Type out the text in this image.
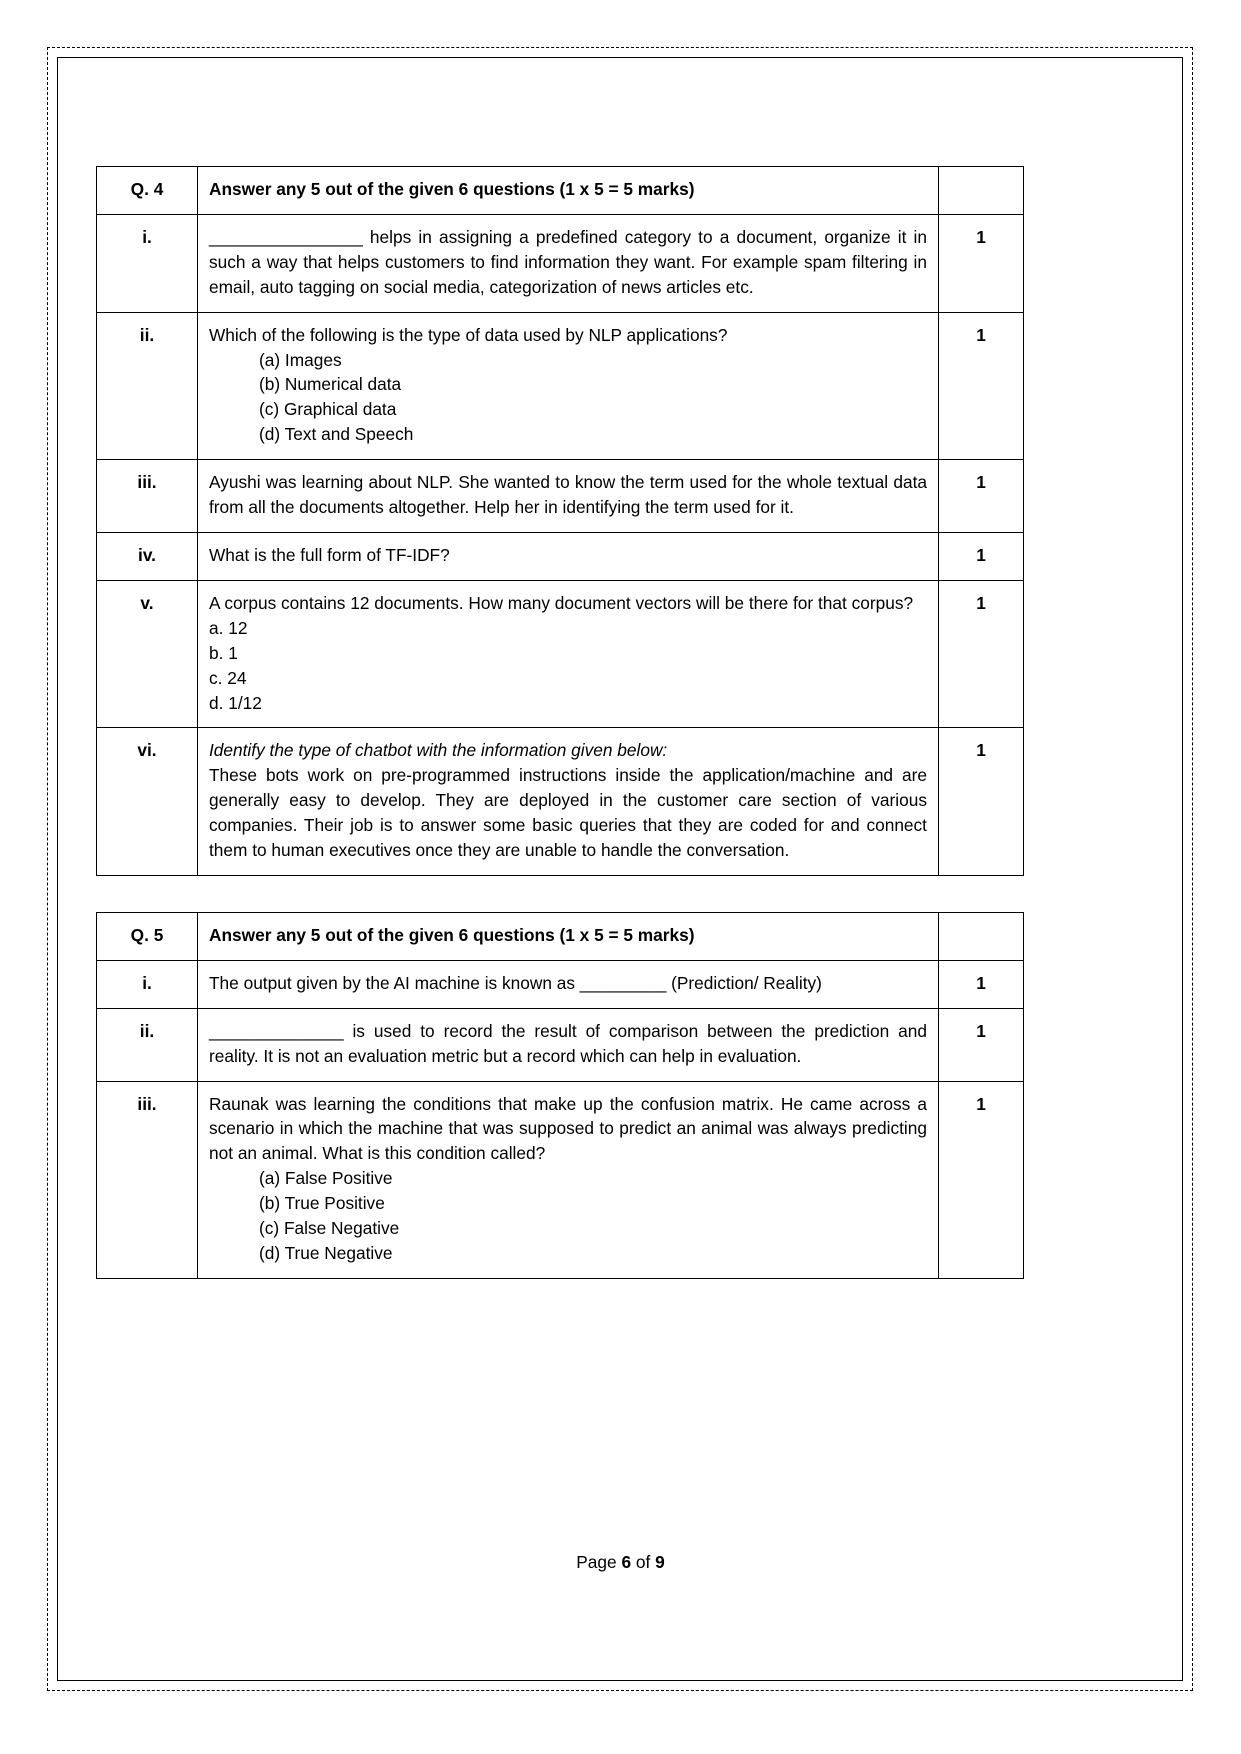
Q. 4	Answer any 5 out of the given 6 questions (1 x 5 = 5 marks)	
i.	________________ helps in assigning a predefined category to a document, organize it in such a way that helps customers to find information they want. For example spam filtering in email, auto tagging on social media, categorization of news articles etc.	1
ii.	Which of the following is the type of data used by NLP applications?
(a) Images
(b) Numerical data
(c) Graphical data
(d) Text and Speech
	1
iii.	Ayushi was learning about NLP. She wanted to know the term used for the whole textual data from all the documents altogether. Help her in identifying the term used for it.	1
iv.	What is the full form of TF-IDF?	1
v.	A corpus contains 12 documents. How many document vectors will be there for that corpus?
a. 12
b. 1
c. 24
d. 1/12
	1
vi.	Identify the type of chatbot with the information given below:
These bots work on pre-programmed instructions inside the application/machine and are generally easy to develop. They are deployed in the customer care section of various companies. Their job is to answer some basic queries that they are coded for and connect them to human executives once they are unable to handle the conversation.	1
Q. 5	Answer any 5 out of the given 6 questions (1 x 5 = 5 marks)	
i.	The output given by the AI machine is known as _________ (Prediction/ Reality)	1
ii.	______________ is used to record the result of comparison between the prediction and reality. It is not an evaluation metric but a record which can help in evaluation.	1
iii.	Raunak was learning the conditions that make up the confusion matrix. He came across a scenario in which the machine that was supposed to predict an animal was always predicting not an animal. What is this condition called?
(a) False Positive
(b) True Positive
(c) False Negative
(d) True Negative
	1
Page 6 of 9
